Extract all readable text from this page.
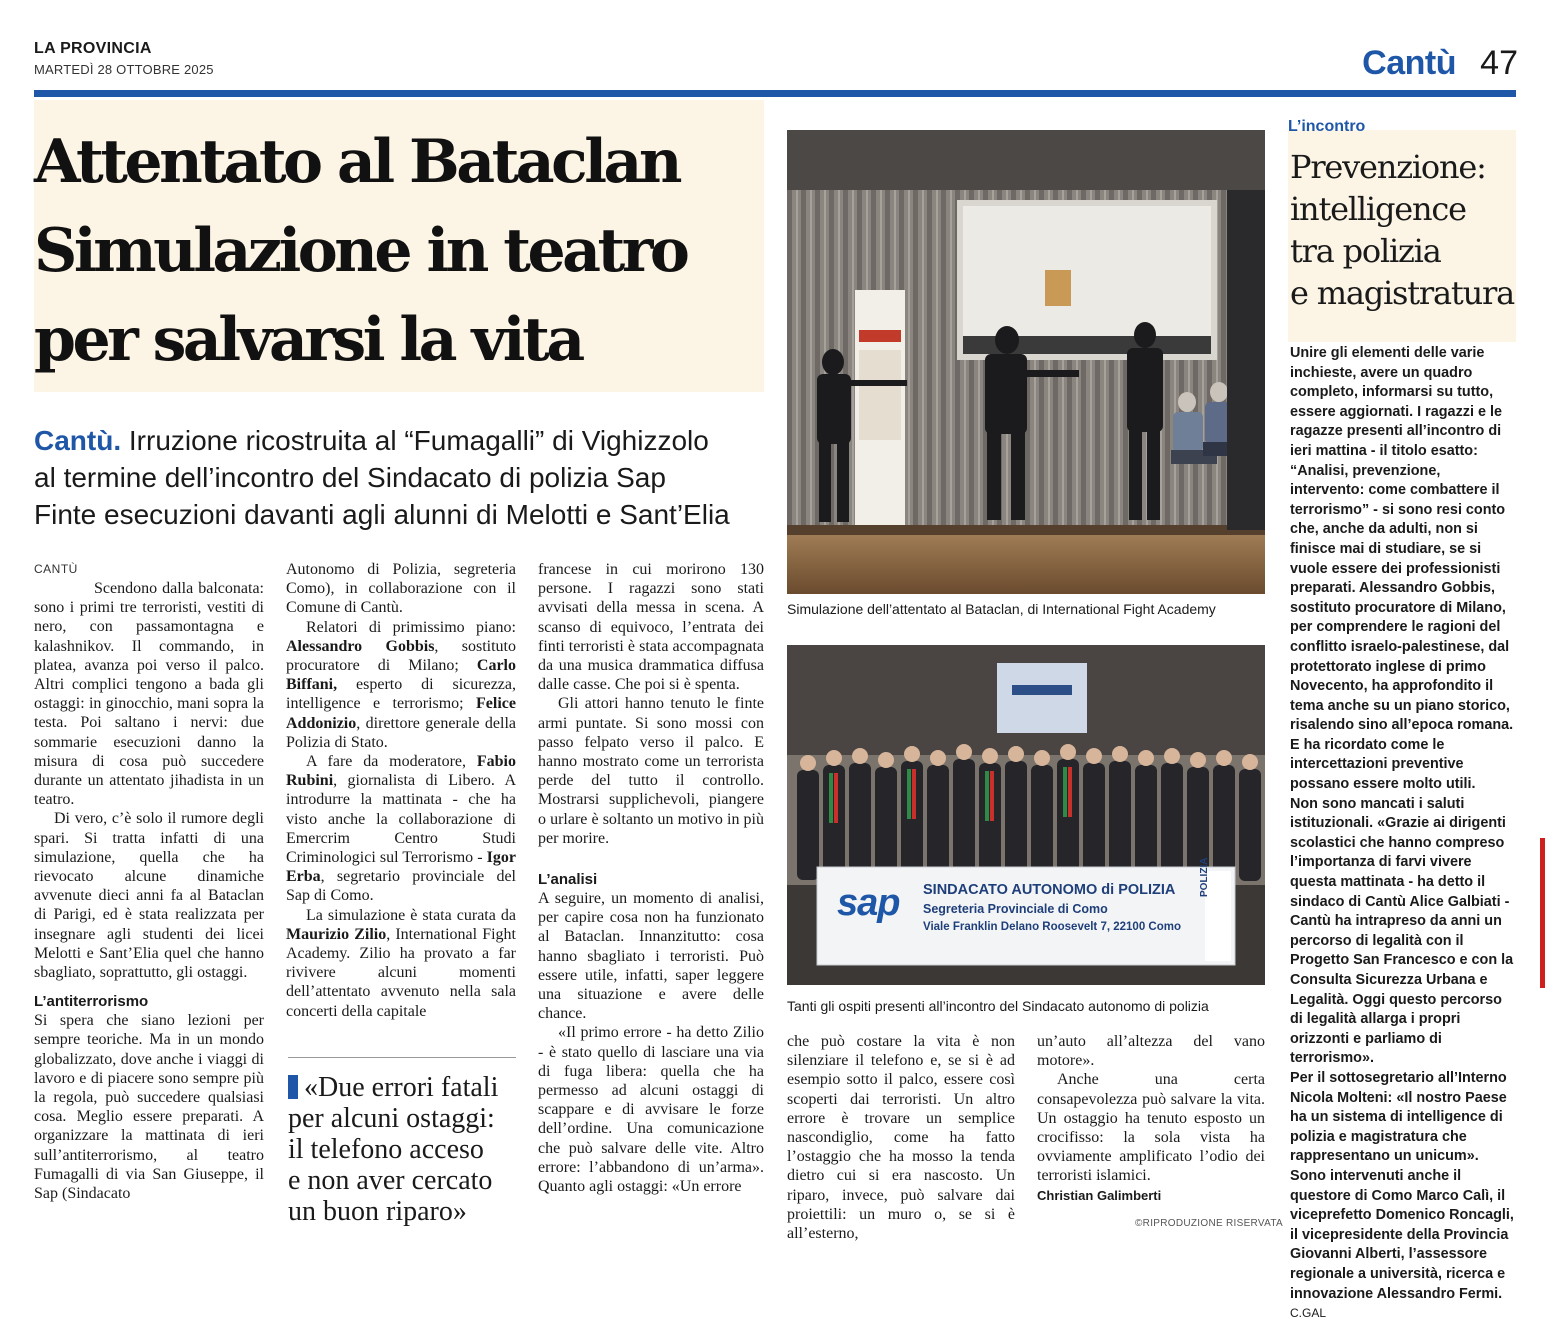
LA PROVINCIA
MARTEDÌ 28 OTTOBRE 2025	Cantù 47
Attentato al Bataclan
Simulazione in teatro
per salvarsi la vita
Cantù. Irruzione ricostruita al “Fumagalli” di Vighizzolo
al termine dell’incontro del Sindacato di polizia Sap
Finte esecuzioni davanti agli alunni di Melotti e Sant’Elia
CANTÙ

Scendono dalla balconata: sono i primi tre terroristi, vestiti di nero, con passamontagna e kalashnikov. Il commando, in platea, avanza poi verso il palco. Altri complici tengono a bada gli ostaggi: in ginocchio, mani sopra la testa. Poi saltano i nervi: due sommarie esecuzioni danno la misura di cosa può succedere durante un attentato jihadista in un teatro.

Di vero, c’è solo il rumore degli spari. Si tratta infatti di una simulazione, quella che ha rievocato alcune dinamiche avvenute dieci anni fa al Bataclan di Parigi, ed è stata realizzata per insegnare agli studenti dei licei Melotti e Sant’Elia quel che hanno sbagliato, soprattutto, gli ostaggi.

L’antiterrorismo

Si spera che siano lezioni per sempre teoriche. Ma in un mondo globalizzato, dove anche i viaggi di lavoro e di piacere sono sempre più la regola, può succedere qualsiasi cosa. Meglio essere preparati. A organizzare la mattinata di ieri sull’antiterrorismo, al teatro Fumagalli di via San Giuseppe, il Sap (Sindacato

Autonomo di Polizia, segreteria Como), in collaborazione con il Comune di Cantù.

Relatori di primissimo piano: Alessandro Gobbis, sostituto procuratore di Milano; Carlo Biffani, esperto di sicurezza, intelligence e terrorismo; Felice Addonizio, direttore generale della Polizia di Stato.

A fare da moderatore, Fabio Rubini, giornalista di Libero. A introdurre la mattinata - che ha visto anche la collaborazione di Emercrim Centro Studi Criminologici sul Terrorismo - Igor Erba, segretario provinciale del Sap di Como.

La simulazione è stata curata da Maurizio Zilio, International Fight Academy. Zilio ha provato a far rivivere alcuni momenti dell’attentato avvenuto nella sala concerti della capitale

«Due errori fatali
per alcuni ostaggi:
il telefono acceso
e non aver cercato
un buon riparo»

francese in cui morirono 130 persone. I ragazzi sono stati avvisati della messa in scena. A scanso di equivoco, l’entrata dei finti terroristi è stata accompagnata da una musica drammatica diffusa dalle casse. Che poi si è spenta.

Gli attori hanno tenuto le finte armi puntate. Si sono mossi con passo felpato verso il palco. E hanno mostrato come un terrorista perde del tutto il controllo. Mostrarsi supplichevoli, piangere o urlare è soltanto un motivo in più per morire.

L’analisi

A seguire, un momento di analisi, per capire cosa non ha funzionato al Bataclan. Innanzitutto: cosa hanno sbagliato i terroristi. Può essere utile, infatti, saper leggere una situazione e avere delle chance.

«Il primo errore - ha detto Zilio - è stato quello di lasciare una via di fuga libera: quella che ha permesso ad alcuni ostaggi di scappare e di avvisare le forze dell’ordine. Una comunicazione che può salvare delle vite. Altro errore: l’abbandono di un’arma». Quanto agli ostaggi: «Un errore

Simulazione dell’attentato al Bataclan, di International Fight Academy
sap SINDACATO AUTONOMO di POLIZIA
Segreteria Provinciale di Como
Viale Franklin Delano Roosevelt 7, 22100 Como
POLIZIA
Tanti gli ospiti presenti all’incontro del Sindacato autonomo di polizia

che può costare la vita è non silenziare il telefono e, se si è ad esempio sotto il palco, essere così scoperti dai terroristi. Un altro errore è trovare un semplice nascondiglio, come ha fatto l’ostaggio che ha mosso la tenda dietro cui si era nascosto. Un riparo, invece, può salvare dai proiettili: un muro o, se si è all’esterno,

un’auto all’altezza del vano motore».

Anche una certa consapevolezza può salvare la vita. Un ostaggio ha tenuto esposto un crocifisso: la sola vista ha ovviamente amplificato l’odio dei terroristi islamici.

Christian Galimberti
©RIPRODUZIONE RISERVATA
L’incontro
Prevenzione:
intelligence
tra polizia
e magistratura

Unire gli elementi delle varie inchieste, avere un quadro completo, informarsi su tutto, essere aggiornati. I ragazzi e le ragazze presenti all’incontro di ieri mattina - il titolo esatto: “Analisi, prevenzione, intervento: come combattere il terrorismo” - si sono resi conto che, anche da adulti, non si finisce mai di studiare, se si vuole essere dei professionisti preparati. Alessandro Gobbis, sostituto procuratore di Milano, per comprendere le ragioni del conflitto israelo-palestinese, dal protettorato inglese di primo Novecento, ha approfondito il tema anche su un piano storico, risalendo sino all’epoca romana. E ha ricordato come le intercettazioni preventive possano essere molto utili.

Non sono mancati i saluti istituzionali. «Grazie ai dirigenti scolastici che hanno compreso l’importanza di farvi vivere questa mattinata - ha detto il sindaco di Cantù Alice Galbiati - Cantù ha intrapreso da anni un percorso di legalità con il Progetto San Francesco e con la Consulta Sicurezza Urbana e Legalità. Oggi questo percorso di legalità allarga i propri orizzonti e parliamo di terrorismo».

Per il sottosegretario all’Interno Nicola Molteni: «Il nostro Paese ha un sistema di intelligence di polizia e magistratura che rappresentano un unicum». Sono intervenuti anche il questore di Como Marco Calì, il viceprefetto Domenico Roncagli, il vicepresidente della Provincia Giovanni Alberti, l’assessore regionale a università, ricerca e innovazione Alessandro Fermi. C.GAL
